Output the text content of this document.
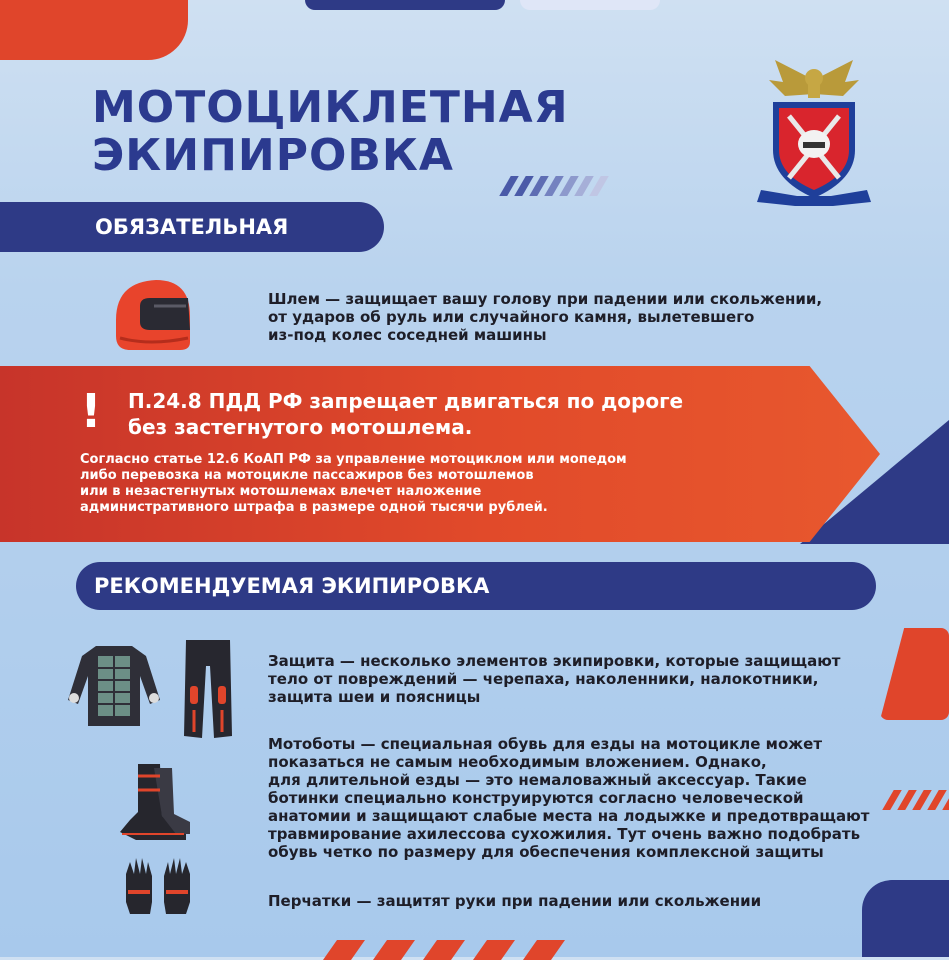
МОТОЦИКЛЕТНАЯ
ЭКИПИРОВКА
ОБЯЗАТЕЛЬНАЯ
Шлем — защищает вашу голову при падении или скольжении,
от ударов об руль или случайного камня, вылетевшего
из-под колес соседней машины
! П.24.8 ПДД РФ запрещает двигаться по дороге
без застегнутого мотошлема.
Согласно статье 12.6 КоАП РФ за управление мотоциклом или мопедом
либо перевозка на мотоцикле пассажиров без мотошлемов
или в незастегнутых мотошлемах влечет наложение
административного штрафа в размере одной тысячи рублей.
РЕКОМЕНДУЕМАЯ ЭКИПИРОВКА
Защита — несколько элементов экипировки, которые защищают
тело от повреждений — черепаха, наколенники, налокотники,
защита шеи и поясницы
Мотоботы — специальная обувь для езды на мотоцикле может
показаться не самым необходимым вложением. Однако,
для длительной езды — это немаловажный аксессуар. Такие
ботинки специально конструируются согласно человеческой
анатомии и защищают слабые места на лодыжке и предотвращают
травмирование ахилессова сухожилия. Тут очень важно подобрать
обувь четко по размеру для обеспечения комплексной защиты
Перчатки — защитят руки при падении или скольжении
